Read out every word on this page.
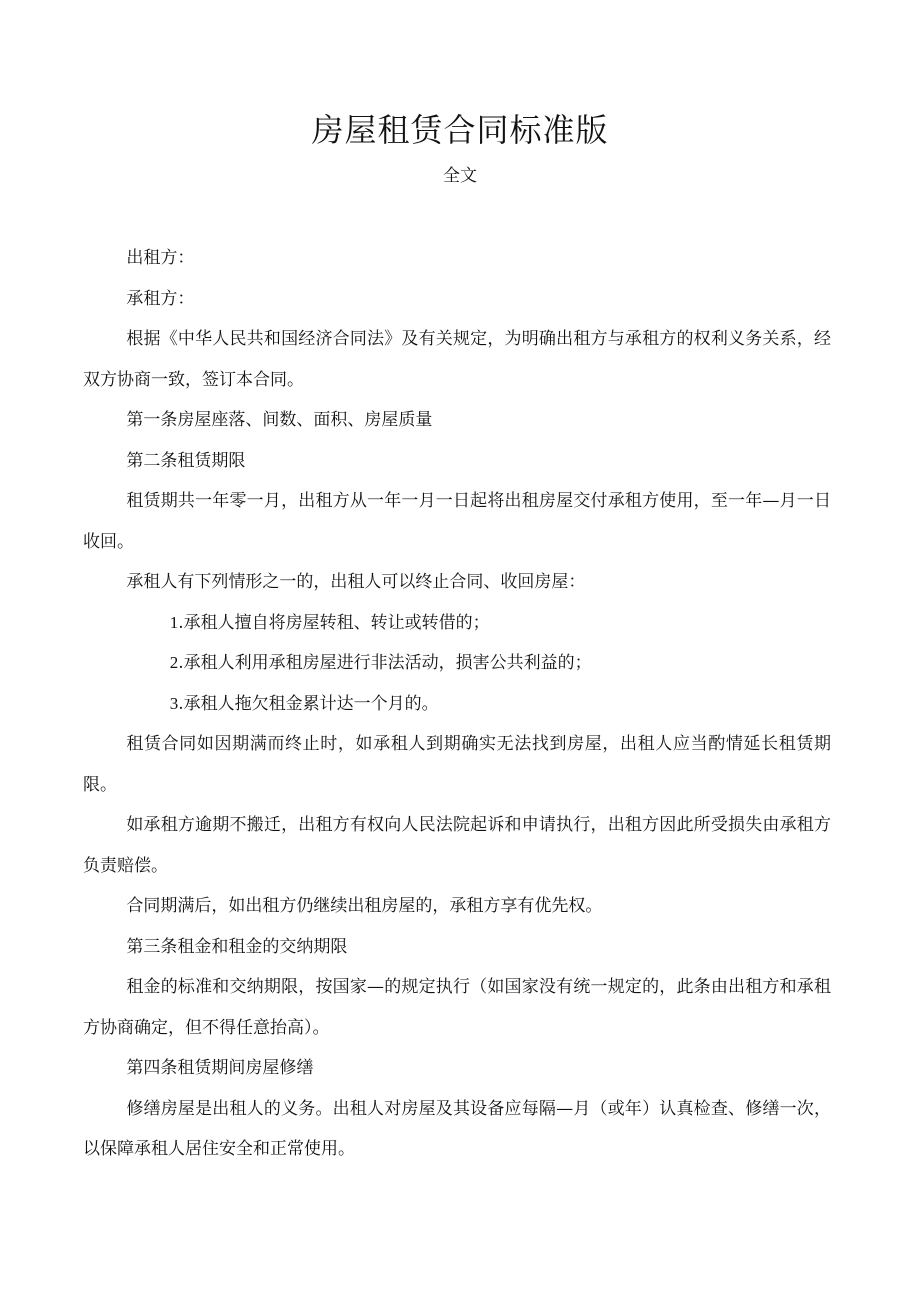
房屋租赁合同标准版
全文

出租方：

承租方：

根据《中华人民共和国经济合同法》及有关规定，为明确出租方与承租方的权利义务关系，经双方协商一致，签订本合同。

第一条房屋座落、间数、面积、房屋质量

第二条租赁期限

租赁期共一年零一月，出租方从一年一月一日起将出租房屋交付承租方使用，至一年—月一日收回。

承租人有下列情形之一的，出租人可以终止合同、收回房屋：

1.承租人擅自将房屋转租、转让或转借的；

2.承租人利用承租房屋进行非法活动，损害公共利益的；

3.承租人拖欠租金累计达一个月的。

租赁合同如因期满而终止时，如承租人到期确实无法找到房屋，出租人应当酌情延长租赁期限。

如承租方逾期不搬迁，出租方有权向人民法院起诉和申请执行，出租方因此所受损失由承租方负责赔偿。

合同期满后，如出租方仍继续出租房屋的，承租方享有优先权。

第三条租金和租金的交纳期限

租金的标准和交纳期限，按国家—的规定执行（如国家没有统一规定的，此条由出租方和承租方协商确定，但不得任意抬高）。

第四条租赁期间房屋修缮

修缮房屋是出租人的义务。出租人对房屋及其设备应每隔—月（或年）认真检查、修缮一次，以保障承租人居住安全和正常使用。
